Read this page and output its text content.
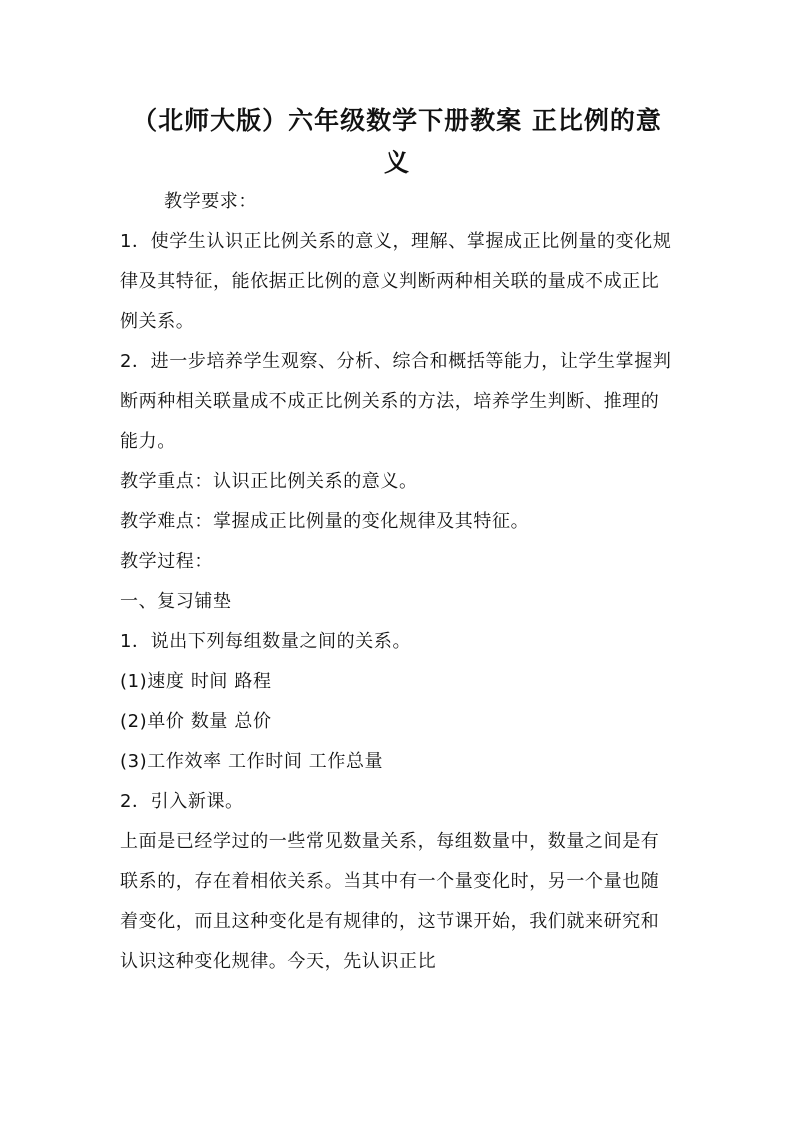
（北师大版）六年级数学下册教案 正比例的意义

教学要求：

1．使学生认识正比例关系的意义，理解、掌握成正比例量的变化规律及其特征，能依据正比例的意义判断两种相关联的量成不成正比例关系。

2．进一步培养学生观察、分析、综合和概括等能力，让学生掌握判断两种相关联量成不成正比例关系的方法，培养学生判断、推理的能力。

教学重点：认识正比例关系的意义。

教学难点：掌握成正比例量的变化规律及其特征。

教学过程：

一、复习铺垫

1．说出下列每组数量之间的关系。

(1)速度 时间 路程

(2)单价 数量 总价

(3)工作效率 工作时间 工作总量

2．引入新课。

上面是已经学过的一些常见数量关系，每组数量中，数量之间是有联系的，存在着相依关系。当其中有一个量变化时，另一个量也随着变化，而且这种变化是有规律的，这节课开始，我们就来研究和认识这种变化规律。今天，先认识正比
